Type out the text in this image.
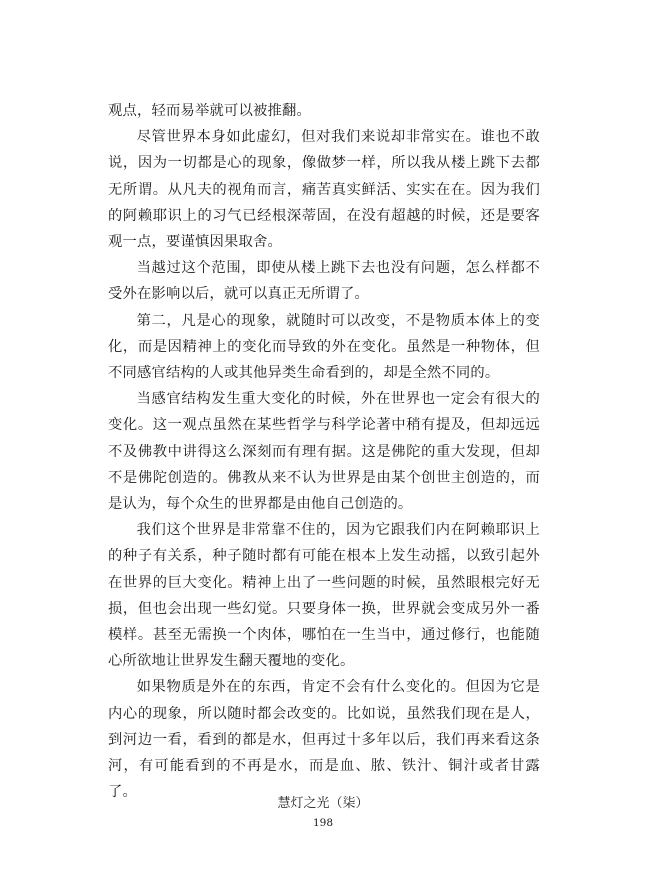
观点，轻而易举就可以被推翻。

尽管世界本身如此虚幻，但对我们来说却非常实在。谁也不敢说，因为一切都是心的现象，像做梦一样，所以我从楼上跳下去都无所谓。从凡夫的视角而言，痛苦真实鲜活、实实在在。因为我们的阿赖耶识上的习气已经根深蒂固，在没有超越的时候，还是要客观一点，要谨慎因果取舍。

当越过这个范围，即使从楼上跳下去也没有问题，怎么样都不受外在影响以后，就可以真正无所谓了。

第二，凡是心的现象，就随时可以改变，不是物质本体上的变化，而是因精神上的变化而导致的外在变化。虽然是一种物体，但不同感官结构的人或其他异类生命看到的，却是全然不同的。

当感官结构发生重大变化的时候，外在世界也一定会有很大的变化。这一观点虽然在某些哲学与科学论著中稍有提及，但却远远不及佛教中讲得这么深刻而有理有据。这是佛陀的重大发现，但却不是佛陀创造的。佛教从来不认为世界是由某个创世主创造的，而是认为，每个众生的世界都是由他自己创造的。

我们这个世界是非常靠不住的，因为它跟我们内在阿赖耶识上的种子有关系，种子随时都有可能在根本上发生动摇，以致引起外在世界的巨大变化。精神上出了一些问题的时候，虽然眼根完好无损，但也会出现一些幻觉。只要身体一换，世界就会变成另外一番模样。甚至无需换一个肉体，哪怕在一生当中，通过修行，也能随心所欲地让世界发生翻天覆地的变化。

如果物质是外在的东西，肯定不会有什么变化的。但因为它是内心的现象，所以随时都会改变的。比如说，虽然我们现在是人，到河边一看，看到的都是水，但再过十多年以后，我们再来看这条河，有可能看到的不再是水，而是血、脓、铁汁、铜汁或者甘露了。

慧灯之光（柒）
198
